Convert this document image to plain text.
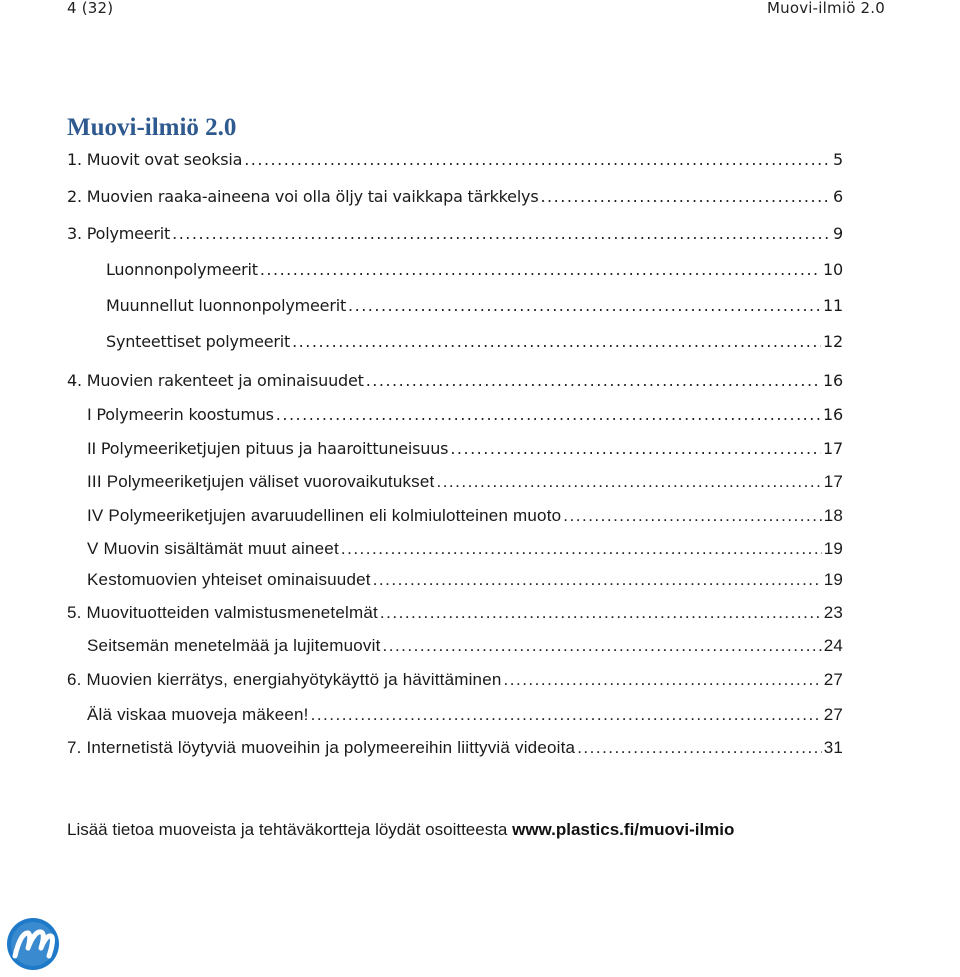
4 (32)	Muovi-ilmiö 2.0
Muovi-ilmiö 2.0
1. Muovit ovat seoksia .....	5
2. Muovien raaka-aineena voi olla öljy tai vaikkapa tärkkelys .....	6
3. Polymeerit .....	9
Luonnonpolymeerit .....	10
Muunnellut luonnonpolymeerit .....	11
Synteettiset polymeerit .....	12
4. Muovien rakenteet ja ominaisuudet .....	16
I Polymeerin koostumus .....	16
II Polymeeriketjujen pituus ja haaroittuneisuus .....	17
III Polymeeriketjujen väliset vuorovaikutukset .....	17
IV Polymeeriketjujen avaruudellinen eli kolmiulotteinen muoto .....	18
V Muovin sisältämät muut aineet .....	19
Kestomuovien yhteiset ominaisuudet .....	19
5. Muovituotteiden valmistusmenetelmät .....	23
Seitsemän menetelmää ja lujitemuovit .....	24
6. Muovien kierrätys, energiahyötykäyttö ja hävittäminen .....	27
Älä viskaa muoveja mäkeen! .....	27
7. Internetistä löytyviä muoveihin ja polymeereihin liittyviä videoita .....	31
Lisää tietoa muoveista ja tehtäväkortteja löydät osoitteesta www.plastics.fi/muovi-ilmio
